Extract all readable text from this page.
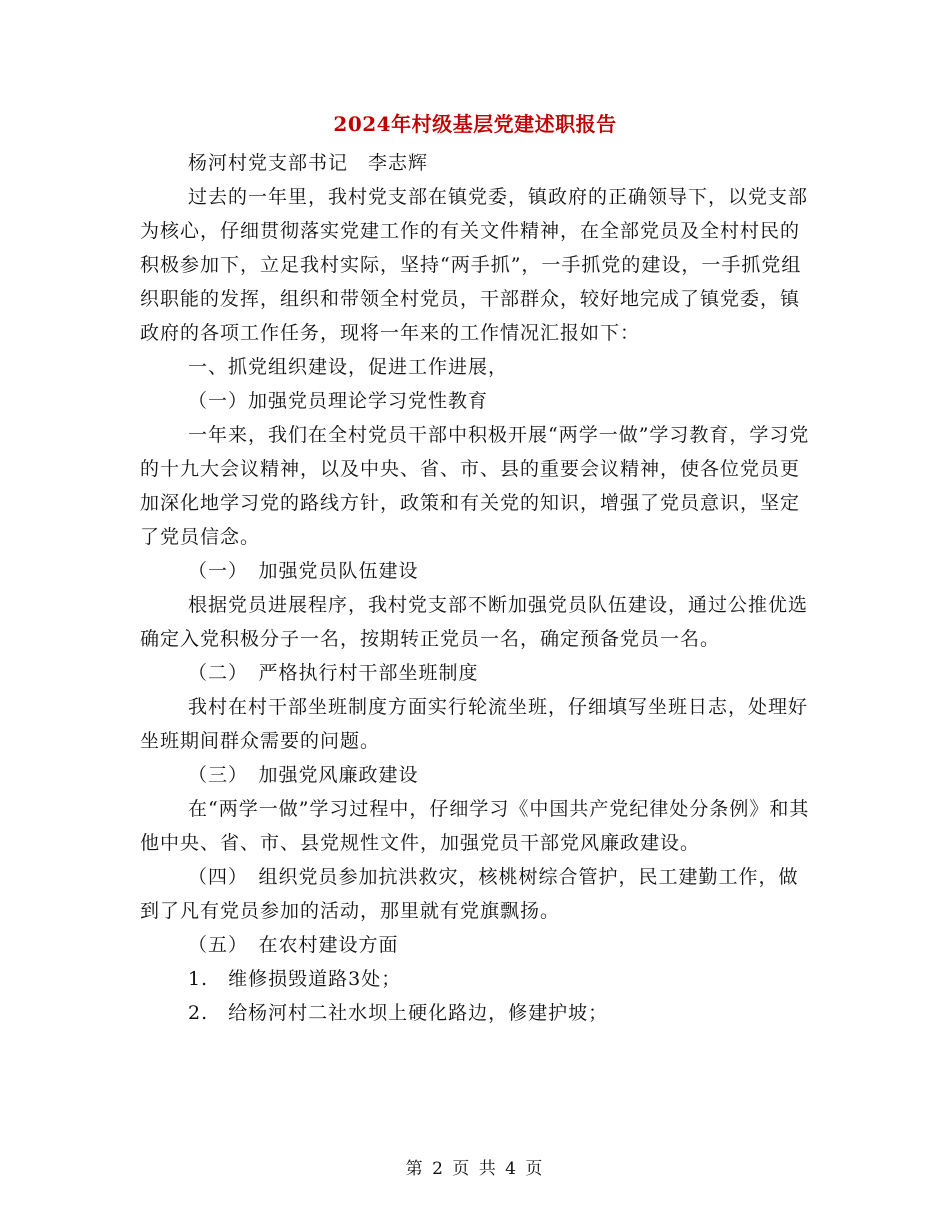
2024年村级基层党建述职报告

杨河村党支部书记　李志辉

过去的一年里，我村党支部在镇党委，镇政府的正确领导下，以党支部为核心，仔细贯彻落实党建工作的有关文件精神，在全部党员及全村村民的积极参加下，立足我村实际，坚持“两手抓”，一手抓党的建设，一手抓党组织职能的发挥，组织和带领全村党员，干部群众，较好地完成了镇党委，镇政府的各项工作任务，现将一年来的工作情况汇报如下：

一、抓党组织建设，促进工作进展，

（一）加强党员理论学习党性教育

一年来，我们在全村党员干部中积极开展“两学一做”学习教育，学习党的十九大会议精神，以及中央、省、市、县的重要会议精神，使各位党员更加深化地学习党的路线方针，政策和有关党的知识，增强了党员意识，坚定了党员信念。

（一）　加强党员队伍建设

根据党员进展程序，我村党支部不断加强党员队伍建设，通过公推优选确定入党积极分子一名，按期转正党员一名，确定预备党员一名。

（二）　严格执行村干部坐班制度

我村在村干部坐班制度方面实行轮流坐班，仔细填写坐班日志，处理好坐班期间群众需要的问题。

（三）　加强党风廉政建设

在“两学一做”学习过程中，仔细学习《中国共产党纪律处分条例》和其他中央、省、市、县党规性文件，加强党员干部党风廉政建设。

（四）　组织党员参加抗洪救灾，核桃树综合管护，民工建勤工作，做到了凡有党员参加的活动，那里就有党旗飘扬。

（五）　在农村建设方面

1.　维修损毁道路3处；

2.　给杨河村二社水坝上硬化路边，修建护坡；

第 2 页 共 4 页
